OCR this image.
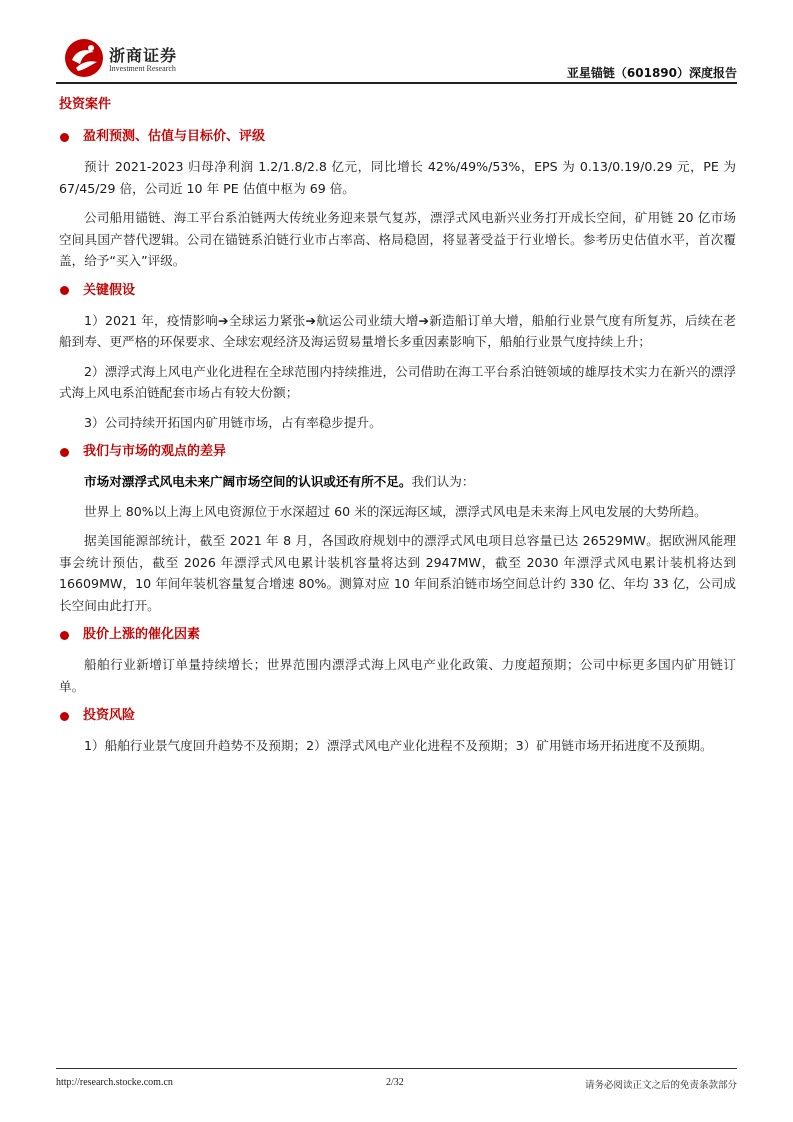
浙商证券
Investment Research	亚星锚链（601890）深度报告
投资案件
盈利预测、估值与目标价、评级

预计 2021-2023 归母净利润 1.2/1.8/2.8 亿元，同比增长 42%/49%/53%，EPS 为 0.13/0.19/0.29 元，PE 为 67/45/29 倍，公司近 10 年 PE 估值中枢为 69 倍。

公司船用锚链、海工平台系泊链两大传统业务迎来景气复苏，漂浮式风电新兴业务打开成长空间，矿用链 20 亿市场空间具国产替代逻辑。公司在锚链系泊链行业市占率高、格局稳固，将显著受益于行业增长。参考历史估值水平，首次覆盖，给予“买入”评级。

关键假设

1）2021 年，疫情影响➔全球运力紧张➔航运公司业绩大增➔新造船订单大增，船舶行业景气度有所复苏，后续在老船到寿、更严格的环保要求、全球宏观经济及海运贸易量增长多重因素影响下，船舶行业景气度持续上升；

2）漂浮式海上风电产业化进程在全球范围内持续推进，公司借助在海工平台系泊链领域的雄厚技术实力在新兴的漂浮式海上风电系泊链配套市场占有较大份额；

3）公司持续开拓国内矿用链市场，占有率稳步提升。

我们与市场的观点的差异

市场对漂浮式风电未来广阔市场空间的认识或还有所不足。我们认为：

世界上 80%以上海上风电资源位于水深超过 60 米的深远海区域，漂浮式风电是未来海上风电发展的大势所趋。

据美国能源部统计，截至 2021 年 8 月，各国政府规划中的漂浮式风电项目总容量已达 26529MW。据欧洲风能理事会统计预估，截至 2026 年漂浮式风电累计装机容量将达到 2947MW，截至 2030 年漂浮式风电累计装机将达到 16609MW，10 年间年装机容量复合增速 80%。测算对应 10 年间系泊链市场空间总计约 330 亿、年均 33 亿，公司成长空间由此打开。

股价上涨的催化因素

船舶行业新增订单量持续增长；世界范围内漂浮式海上风电产业化政策、力度超预期；公司中标更多国内矿用链订单。

投资风险

1）船舶行业景气度回升趋势不及预期；2）漂浮式风电产业化进程不及预期；3）矿用链市场开拓进度不及预期。

http://research.stocke.com.cn	2/32	请务必阅读正文之后的免责条款部分
